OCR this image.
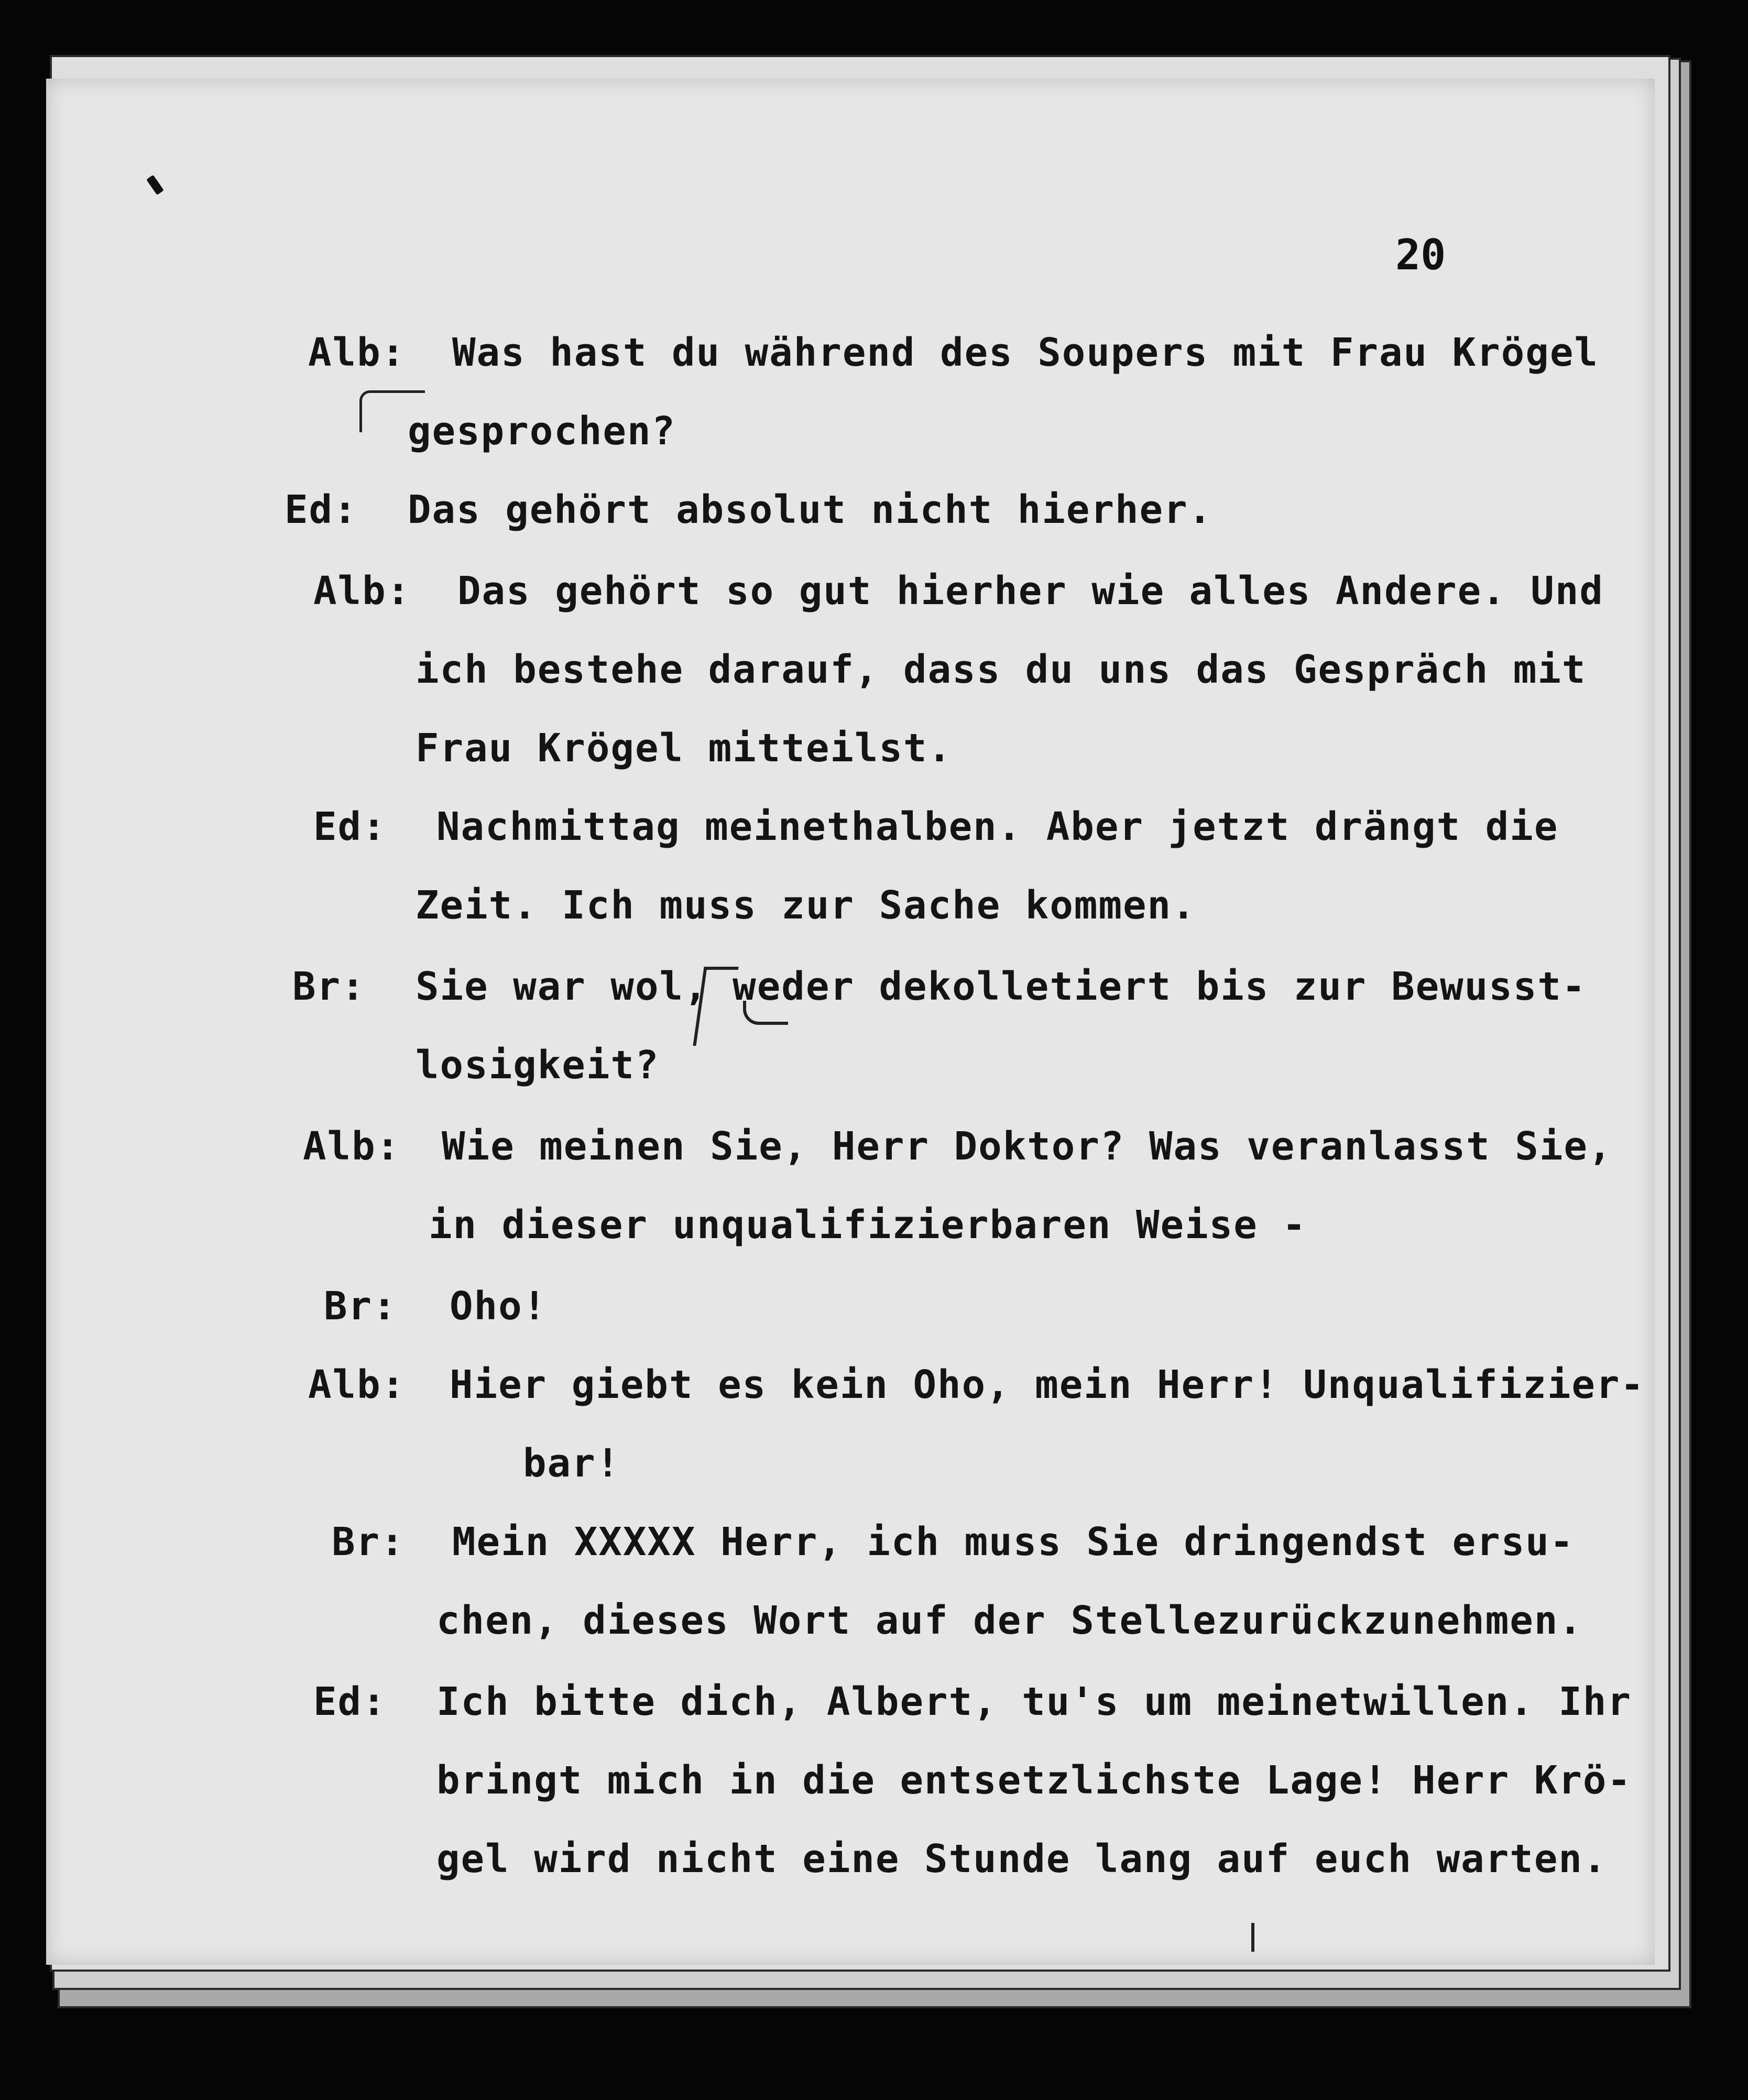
20
Alb: Was hast du während des Soupers mit Frau Krögel
gesprochen?
Ed: Das gehört absolut nicht hierher.
Alb: Das gehört so gut hierher wie alles Andere. Und
ich bestehe darauf, dass du uns das Gespräch mit
Frau Krögel mitteilst.
Ed: Nachmittag meinethalben. Aber jetzt drängt die
Zeit. Ich muss zur Sache kommen.
Br: Sie war wol, weder dekolletiert bis zur Bewusst-
losigkeit?
Alb: Wie meinen Sie, Herr Doktor? Was veranlasst Sie,
in dieser unqualifizierbaren Weise -
Br: Oho!
Alb: Hier giebt es kein Oho, mein Herr! Unqualifizier-
bar!
Br: Mein XXXXX Herr, ich muss Sie dringendst ersu-
chen, dieses Wort auf der Stellezurückzunehmen.
Ed: Ich bitte dich, Albert, tu's um meinetwillen. Ihr
bringt mich in die entsetzlichste Lage! Herr Krö-
gel wird nicht eine Stunde lang auf euch warten.
